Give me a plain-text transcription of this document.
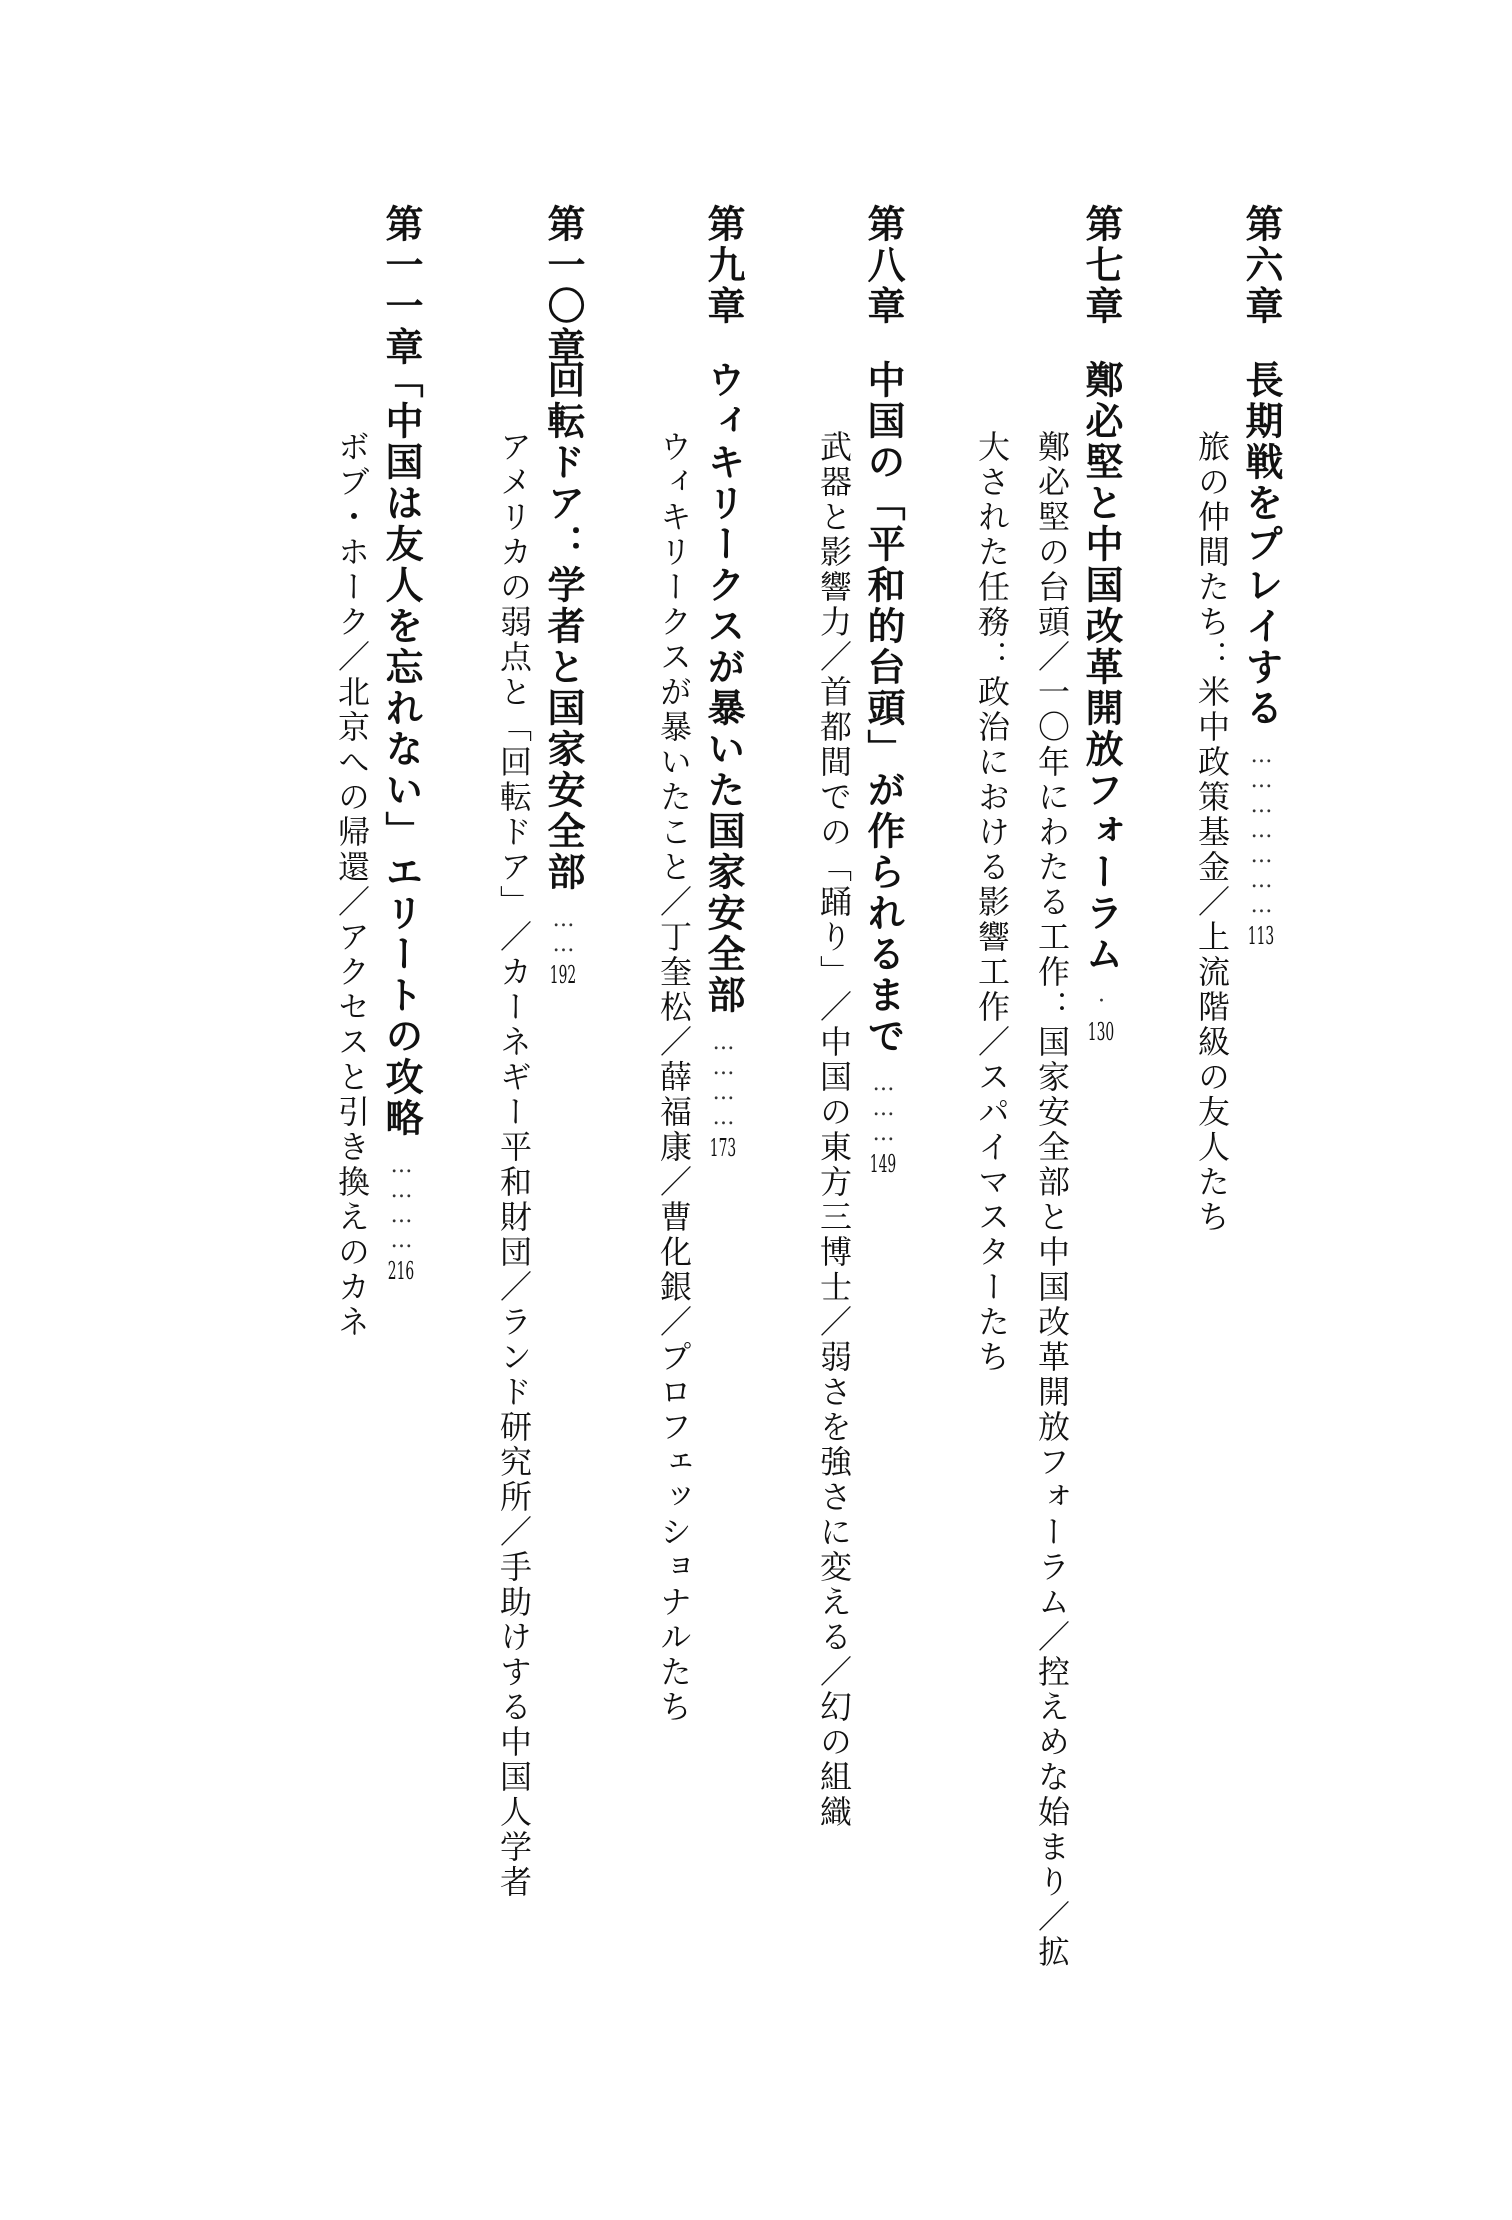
第六章長期戦をプレイする…………………113
旅の仲間たち：米中政策基金／上流階級の友人たち
第七章鄭必堅と中国改革開放フォーラム·130
鄭必堅の台頭／一〇年にわたる工作：国家安全部と中国改革開放フォーラム／控えめな始まり／拡
大された任務：政治における影響工作／スパイマスターたち
第八章中国の「平和的台頭」が作られるまで………149
武器と影響力／首都間での「踊り」／中国の東方三博士／弱さを強さに変える／幻の組織
第九章ウィキリークスが暴いた国家安全部…………173
ウィキリークスが暴いたこと／丁奎松／薛福康／曹化銀／プロフェッショナルたち
第一〇章回転ドア：学者と国家安全部……192
アメリカの弱点と「回転ドア」／カーネギー平和財団／ランド研究所／手助けする中国人学者
第一一章「中国は友人を忘れない」エリートの攻略…………216
ボブ・ホーク／北京への帰還／アクセスと引き換えのカネ
